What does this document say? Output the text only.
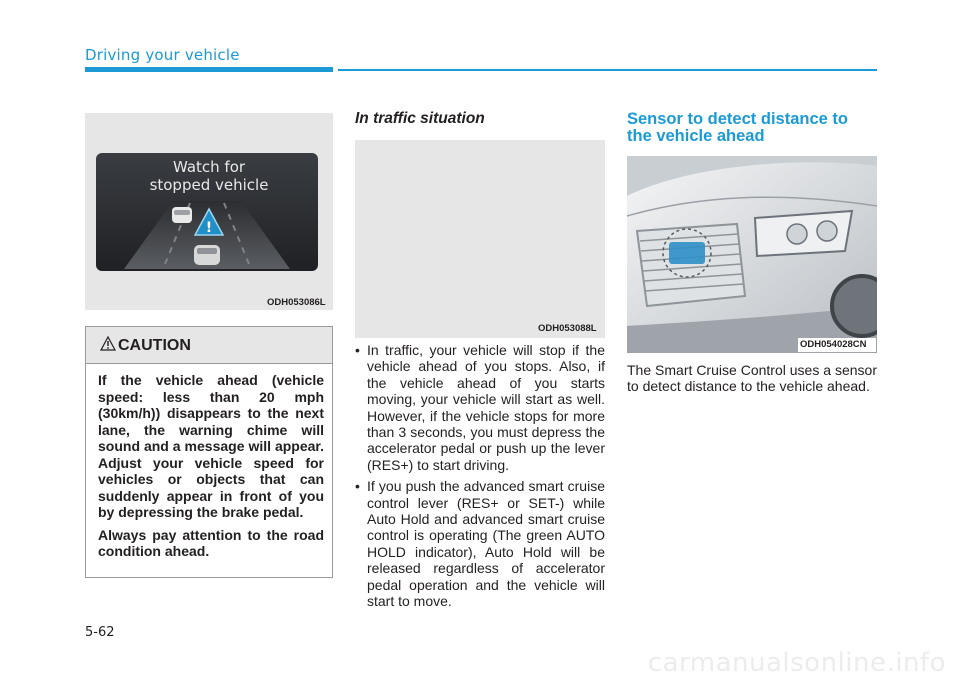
Driving your vehicle
!
Watch for
stopped vehicle
ODH053086L
CAUTION

If the vehicle ahead (vehicle speed: less than 20 mph (30km/h)) disappears to the next lane, the warning chime will sound and a message will appear. Adjust your vehicle speed for vehicles or objects that can suddenly appear in front of you by depressing the brake pedal.

Always pay attention to the road condition ahead.

In traffic situation
ODH053088L
• In traffic, your vehicle will stop if the vehicle ahead of you stops. Also, if the vehicle ahead of you starts moving, your vehicle will start as well. However, if the vehicle stops for more than 3 seconds, you must depress the accelerator pedal or push up the lever (RES+) to start driving.
• If you push the advanced smart cruise control lever (RES+ or SET-) while Auto Hold and advanced smart cruise control is operating (The green AUTO HOLD indicator), Auto Hold will be released regardless of accelerator pedal operation and the vehicle will start to move.
Sensor to detect distance to the vehicle ahead
ODH054028CN

The Smart Cruise Control uses a sensor to detect distance to the vehicle ahead.

5-62
carmanualsonline.info
